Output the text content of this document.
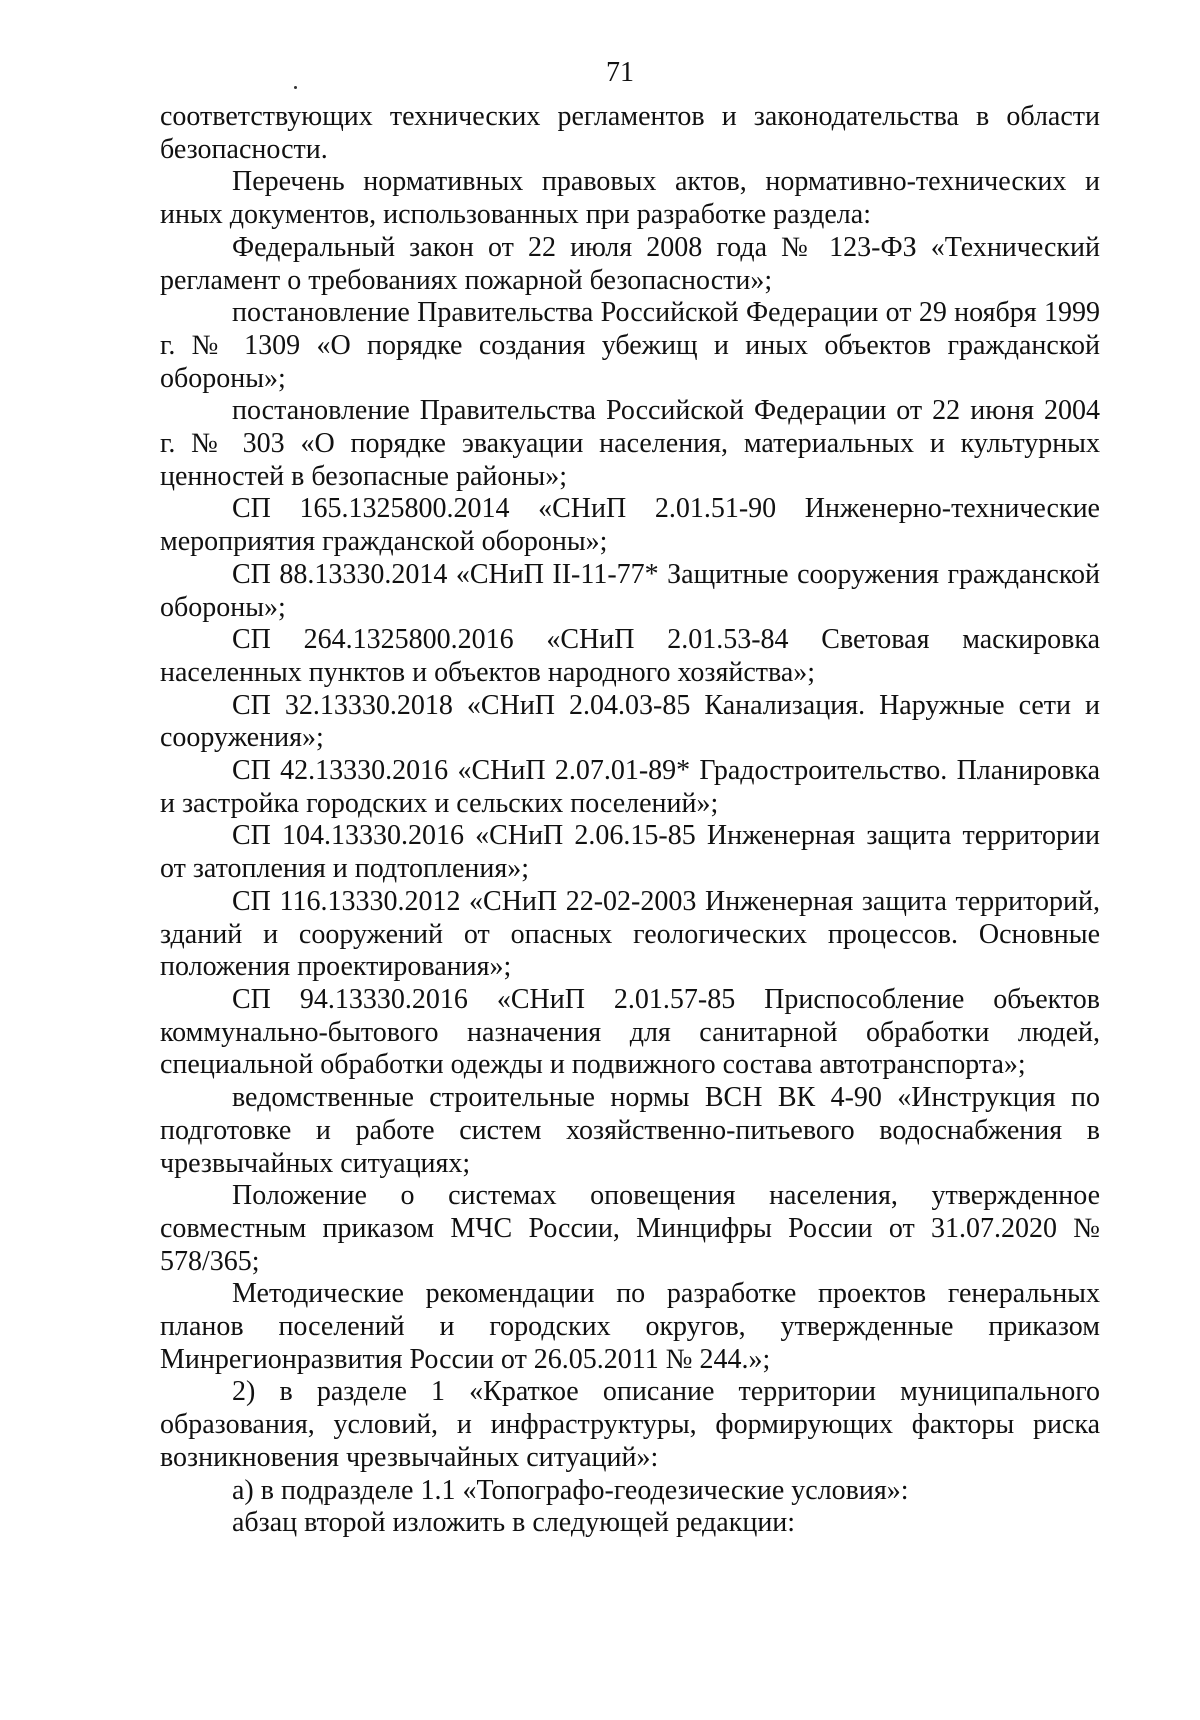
71

соответствующих технических регламентов и законодательства в области безопасности.

Перечень нормативных правовых актов, нормативно-технических и иных документов, использованных при разработке раздела:

Федеральный закон от 22 июля 2008 года № 123-ФЗ «Технический регламент о требованиях пожарной безопасности»;

постановление Правительства Российской Федерации от 29 ноября 1999 г. № 1309 «О порядке создания убежищ и иных объектов гражданской обороны»;

постановление Правительства Российской Федерации от 22 июня 2004 г. № 303 «О порядке эвакуации населения, материальных и культурных ценностей в безопасные районы»;

СП 165.1325800.2014 «СНиП 2.01.51-90 Инженерно-технические мероприятия гражданской обороны»;

СП 88.13330.2014 «СНиП II-11-77* Защитные сооружения гражданской обороны»;

СП 264.1325800.2016 «СНиП 2.01.53-84 Световая маскировка населенных пунктов и объектов народного хозяйства»;

СП 32.13330.2018 «СНиП 2.04.03-85 Канализация. Наружные сети и сооружения»;

СП 42.13330.2016 «СНиП 2.07.01-89* Градостроительство. Планировка и застройка городских и сельских поселений»;

СП 104.13330.2016 «СНиП 2.06.15-85 Инженерная защита территории от затопления и подтопления»;

СП 116.13330.2012 «СНиП 22-02-2003 Инженерная защита территорий, зданий и сооружений от опасных геологических процессов. Основные положения проектирования»;

СП 94.13330.2016 «СНиП 2.01.57-85 Приспособление объектов коммунально-бытового назначения для санитарной обработки людей, специальной обработки одежды и подвижного состава автотранспорта»;

ведомственные строительные нормы ВСН ВК 4-90 «Инструкция по подготовке и работе систем хозяйственно-питьевого водоснабжения в чрезвычайных ситуациях;

Положение о системах оповещения населения, утвержденное совместным приказом МЧС России, Минцифры России от 31.07.2020 № 578/365;

Методические рекомендации по разработке проектов генеральных планов поселений и городских округов, утвержденные приказом Минрегионразвития России от 26.05.2011 № 244.»;

2) в разделе 1 «Краткое описание территории муниципального образования, условий, и инфраструктуры, формирующих факторы риска возникновения чрезвычайных ситуаций»:

а) в подразделе 1.1 «Топографо-геодезические условия»:

абзац второй изложить в следующей редакции:
